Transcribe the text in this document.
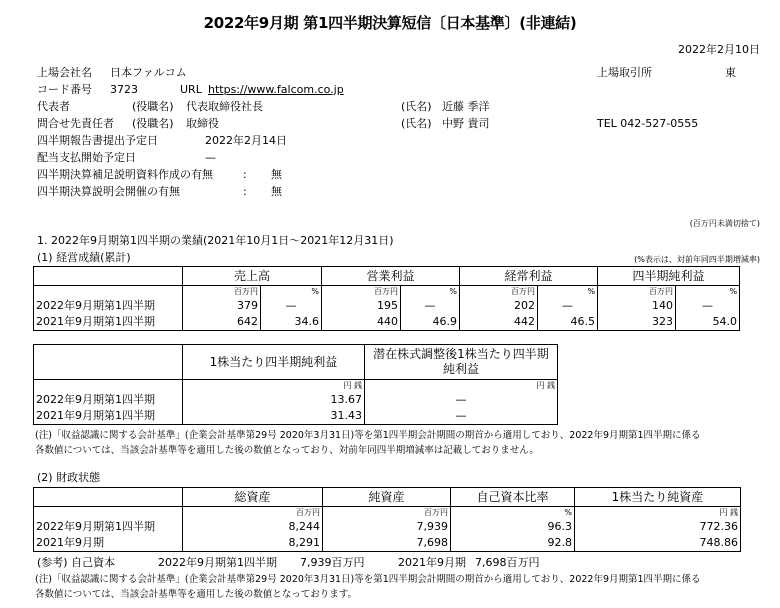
2022年9月期 第1四半期決算短信〔日本基準〕(非連結)
2022年2月10日
上場会社名 日本ファルコム	上場取引所	東
コード番号 3723	URL https://www.falcom.co.jp
代表者	(役職名) 代表取締役社長	(氏名) 近藤 季洋
問合せ先責任者 (役職名) 取締役	(氏名) 中野 貴司	TEL 042-527-0555
四半期報告書提出予定日	2022年2月14日
配当支払開始予定日	—
四半期決算補足説明資料作成の有無	: 無
四半期決算説明会開催の有無	: 無
(百万円未満切捨て)
1. 2022年9月期第1四半期の業績(2021年10月1日～2021年12月31日)
(1) 経営成績(累計)	(%表示は、対前年同四半期増減率)
	売上高		営業利益		経常利益		四半期純利益	
	百万円	%	百万円	%	百万円	%	百万円	%
2022年9月期第1四半期	379	—	195	—	202	—	140	—
2021年9月期第1四半期	642	34.6	440	46.9	442	46.5	323	54.0
	1株当たり四半期純利益	潜在株式調整後1株当たり四半期
純利益

	円 銭	円 銭
2022年9月期第1四半期	13.67	—
2021年9月期第1四半期	31.43	—
(注)「収益認識に関する会計基準」(企業会計基準第29号 2020年3月31日)等を第1四半期会計期間の期首から適用しており、2022年9月期第1四半期に係る
各数値については、当該会計基準等を適用した後の数値となっており、対前年同四半期増減率は記載しておりません。
(2) 財政状態
	総資産	純資産	自己資本比率	1株当たり純資産
	百万円	百万円	%	円 銭
2022年9月期第1四半期	8,244	7,939	96.3	772.36
2021年9月期	8,291	7,698	92.8	748.86
(参考) 自己資本	2022年9月期第1四半期 7,939百万円	2021年9月期 7,698百万円
(注)「収益認識に関する会計基準」(企業会計基準第29号 2020年3月31日)等を第1四半期会計期間の期首から適用しており、2022年9月期第1四半期に係る
各数値については、当該会計基準等を適用した後の数値となっております。
